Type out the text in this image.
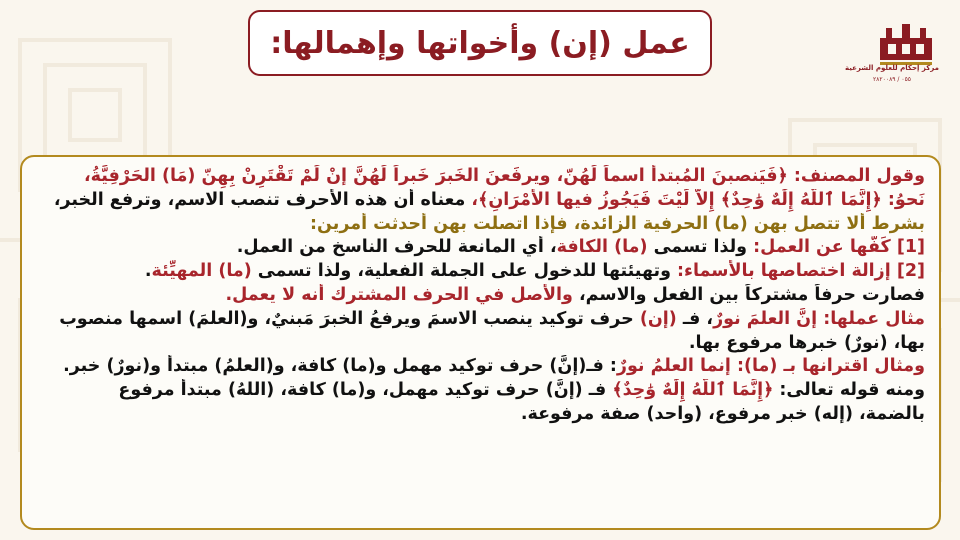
عمل (إن) وأخواتها وإهمالها:
مركز إحكام للعلوم الشرعية
٠٥٥ / ٢٨٢٠٠٨٩
وقول المصنف: ﴿فَيَنصبنَ المُبتدأ اسماً لَهُنّ، ويرفَعنَ الخَبرَ خَبراً لَهُنَّ إنْ لَمْ تَقْتَرِنْ بِهِنّ (مَا) الحَرْفِيَّةُ،
نَحوُ: ﴿إِنَّمَا ٱللَّهُ إِلَٰهٌ وَٰحِدٌ﴾ إِلاّ لَيْتَ فَيَجُوزُ فيها الأَمْرَانِ﴾، معناه أن هذه الأحرف تنصب الاسم، وترفع الخبر،
بشرط ألا تتصل بهن (ما) الحرفية الزائدة، فإذا اتصلت بهن أحدثت أمرين:
[1] كَفَّها عن العمل: ولذا تسمى (ما) الكافة، أي المانعة للحرف الناسخ من العمل.
[2] إزالة اختصاصها بالأسماء: وتهيئتها للدخول على الجملة الفعلية، ولذا تسمى (ما) المهيِّئة.
فصارت حرفاً مشتركاً بين الفعل والاسم، والأصل في الحرف المشترك أنه لا يعمل.
مثال عملها: إنَّ العلمَ نورٌ، فـ (إن) حرف توكيد ينصب الاسمَ ويرفعُ الخبرَ مَبنيٌ، و(العلمَ) اسمها منصوب
بها، (نورٌ) خبرها مرفوع بها.
ومثال اقترانها بـ (ما): إنما العلمُ نورٌ: فـ(إنَّ) حرف توكيد مهمل و(ما) كافة، و(العلمُ) مبتدأ و(نورٌ) خبر.
ومنه قوله تعالى: ﴿إِنَّمَا ٱللَّهُ إِلَٰهٌ وَٰحِدٌ﴾ فـ (إنَّ) حرف توكيد مهمل، و(ما) كافة، (اللهُ) مبتدأ مرفوع
بالضمة، (إله) خبر مرفوع، (واحد) صفة مرفوعة.
